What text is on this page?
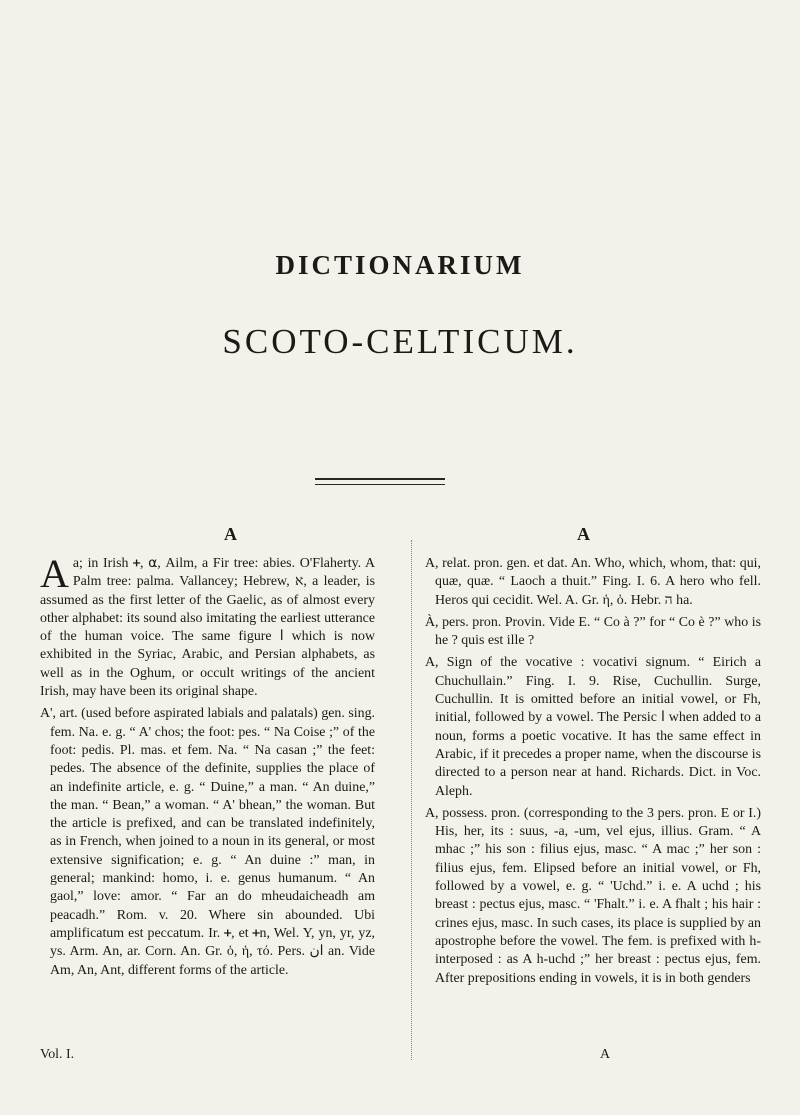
DICTIONARIUM
SCOTO-CELTICUM.
A	A

Aa; in Irish ᚐ, ⍺, Ailm, a Fir tree: abies. O'Flaherty. A Palm tree: palma. Vallancey; Hebrew, א, a leader, is assumed as the first letter of the Gaelic, as of almost every other alphabet: its sound also imitating the earliest utterance of the human voice. The same figure ا which is now exhibited in the Syriac, Arabic, and Persian alphabets, as well as in the Oghum, or occult writings of the ancient Irish, may have been its original shape.

A', art. (used before aspirated labials and palatals) gen. sing. fem. Na. e. g. “ A' chos; the foot: pes. “ Na Coise ;” of the foot: pedis. Pl. mas. et fem. Na. “ Na casan ;” the feet: pedes. The absence of the definite, supplies the place of an indefinite article, e. g. “ Duine,” a man. “ An duine,” the man. “ Bean,” a woman. “ A' bhean,” the woman. But the article is prefixed, and can be translated indefinitely, as in French, when joined to a noun in its general, or most extensive signification; e. g. “ An duine :” man, in general; mankind: homo, i. e. genus humanum. “ An gaol,” love: amor. “ Far an do mheudaicheadh am peacadh.” Rom. v. 20. Where sin abounded. Ubi amplificatum est peccatum. Ir. ᚐ, et ᚐn, Wel. Y, yn, yr, yz, ys. Arm. An, ar. Corn. An. Gr. ὁ, ἡ, τό. Pers. ان an. Vide Am, An, Ant, different forms of the article.

A, relat. pron. gen. et dat. An. Who, which, whom, that: qui, quæ, quæ. “ Laoch a thuit.” Fing. I. 6. A hero who fell. Heros qui cecidit. Wel. A. Gr. ἡ, ὁ. Hebr. ה ha.

À, pers. pron. Provin. Vide E. “ Co à ?” for “ Co è ?” who is he ? quis est ille ?

A, Sign of the vocative : vocativi signum. “ Eirich a Chuchullain.” Fing. I. 9. Rise, Cuchullin. Surge, Cuchullin. It is omitted before an initial vowel, or Fh, initial, followed by a vowel. The Persic ا when added to a noun, forms a poetic vocative. It has the same effect in Arabic, if it precedes a proper name, when the discourse is directed to a person near at hand. Richards. Dict. in Voc. Aleph.

A, possess. pron. (corresponding to the 3 pers. pron. E or I.) His, her, its : suus, -a, -um, vel ejus, illius. Gram. “ A mhac ;” his son : filius ejus, masc. “ A mac ;” her son : filius ejus, fem. Elipsed before an initial vowel, or Fh, followed by a vowel, e. g. “ 'Uchd.” i. e. A uchd ; his breast : pectus ejus, masc. “ 'Fhalt.” i. e. A fhalt ; his hair : crines ejus, masc. In such cases, its place is supplied by an apostrophe before the vowel. The fem. is prefixed with h- interposed : as A h-uchd ;” her breast : pectus ejus, fem. After prepositions ending in vowels, it is in both genders

Vol. I.	A
